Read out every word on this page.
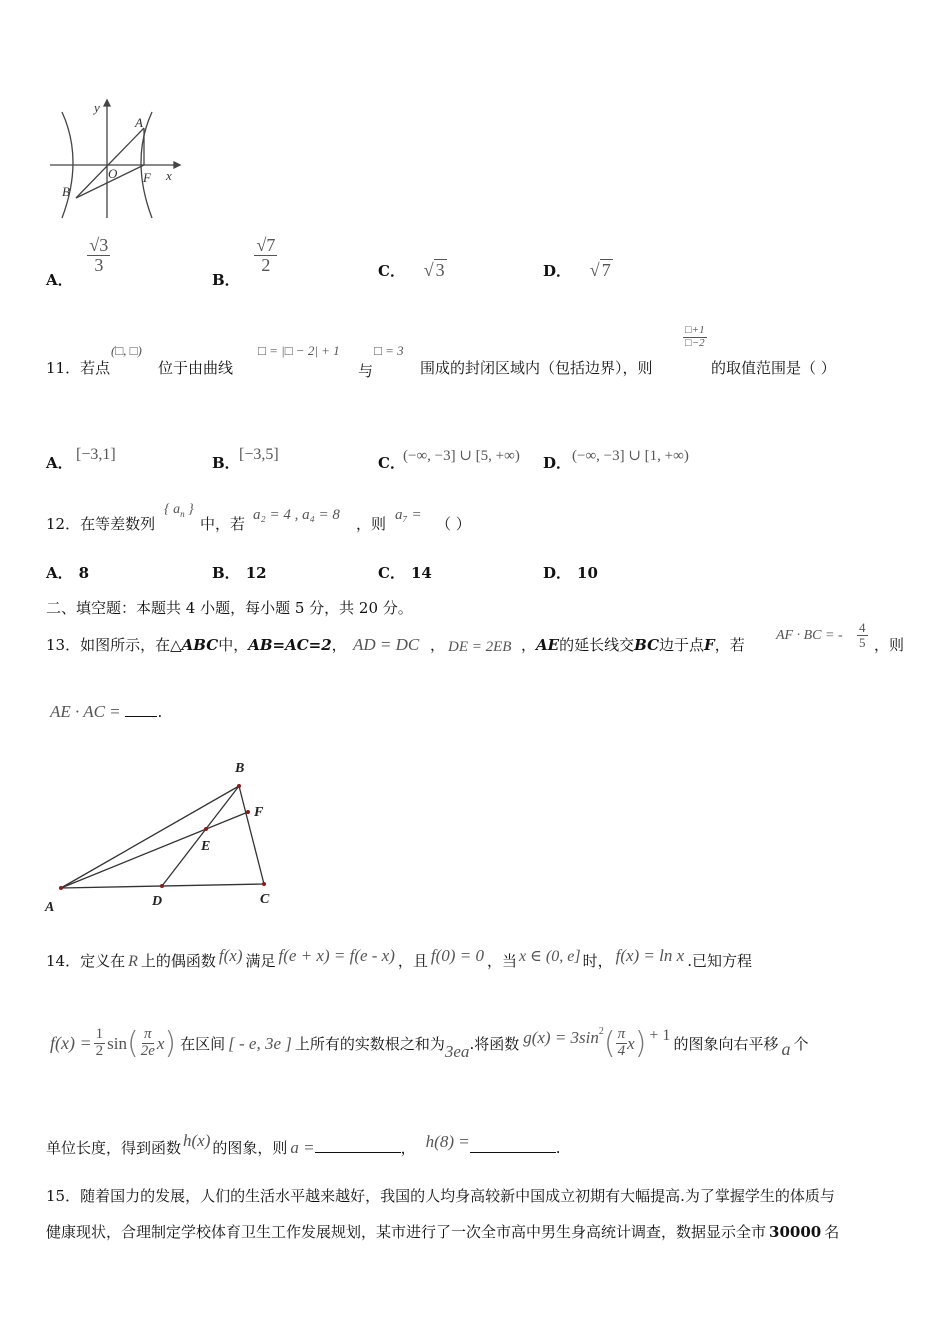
y
A
O F x
B
A．
$\frac{√3}{3}$
B．
$\frac{√7}{2}$	C． √ 3	D． √ 7
11．若点
(□, □)
位于由曲线
□ = |□ − 2| + 1
与
□ = 3
围成的封闭区域内（包括边界），则
$\frac{□+1}{□-2}$
的取值范围是（ ）
A． [−3,1]	B． [−3,5]	C．
(−∞, −3] ∪ [5, +∞) D． (−∞, −3] ∪ [1, +∞)
12．在等差数列
{ $a_n$ }
中，若 a₂ = 4 , a₄ = 8 ，则 a₇ = （ ）
A． 8	B． 12	C． 14	D． 10
二、填空题：本题共 4 小题，每小题 5 分，共 20 分。
13．如图所示，在△ABC中，AB=AC=2， AD = DC ， DE = 2EB ，AE的延长线交BC边于点F，若
AF · BC = - $\frac{4}{5}$ ，则
AE · AC = .
B
F
E
A	D	C
14．定义在 R 上的偶函数 f(x) 满足 f(e + x) = f(e - x) ，且 f(0) = 0 ，当 x ∈ (0, e] 时， f(x) = ln x .已知方程
$f(x) = \frac{1}{2}$ sin ( $\frac{\pi}{2e}$ x ) 在区间 [ - e, 3e ] 上所有的实数根之和为 3ea .将函数 $g(x) = 3\sin^2$ ( $\frac{\pi}{4}$ x ) + 1 的图象向右平移 a 个
单位长度，得到函数 h(x) 的图象，则 a =	， h(8) =	.
15．随着国力的发展，人们的生活水平越来越好，我国的人均身高较新中国成立初期有大幅提高.为了掌握学生的体质与
健康现状，合理制定学校体育卫生工作发展规划，某市进行了一次全市高中男生身高统计调查，数据显示全市 30000 名
